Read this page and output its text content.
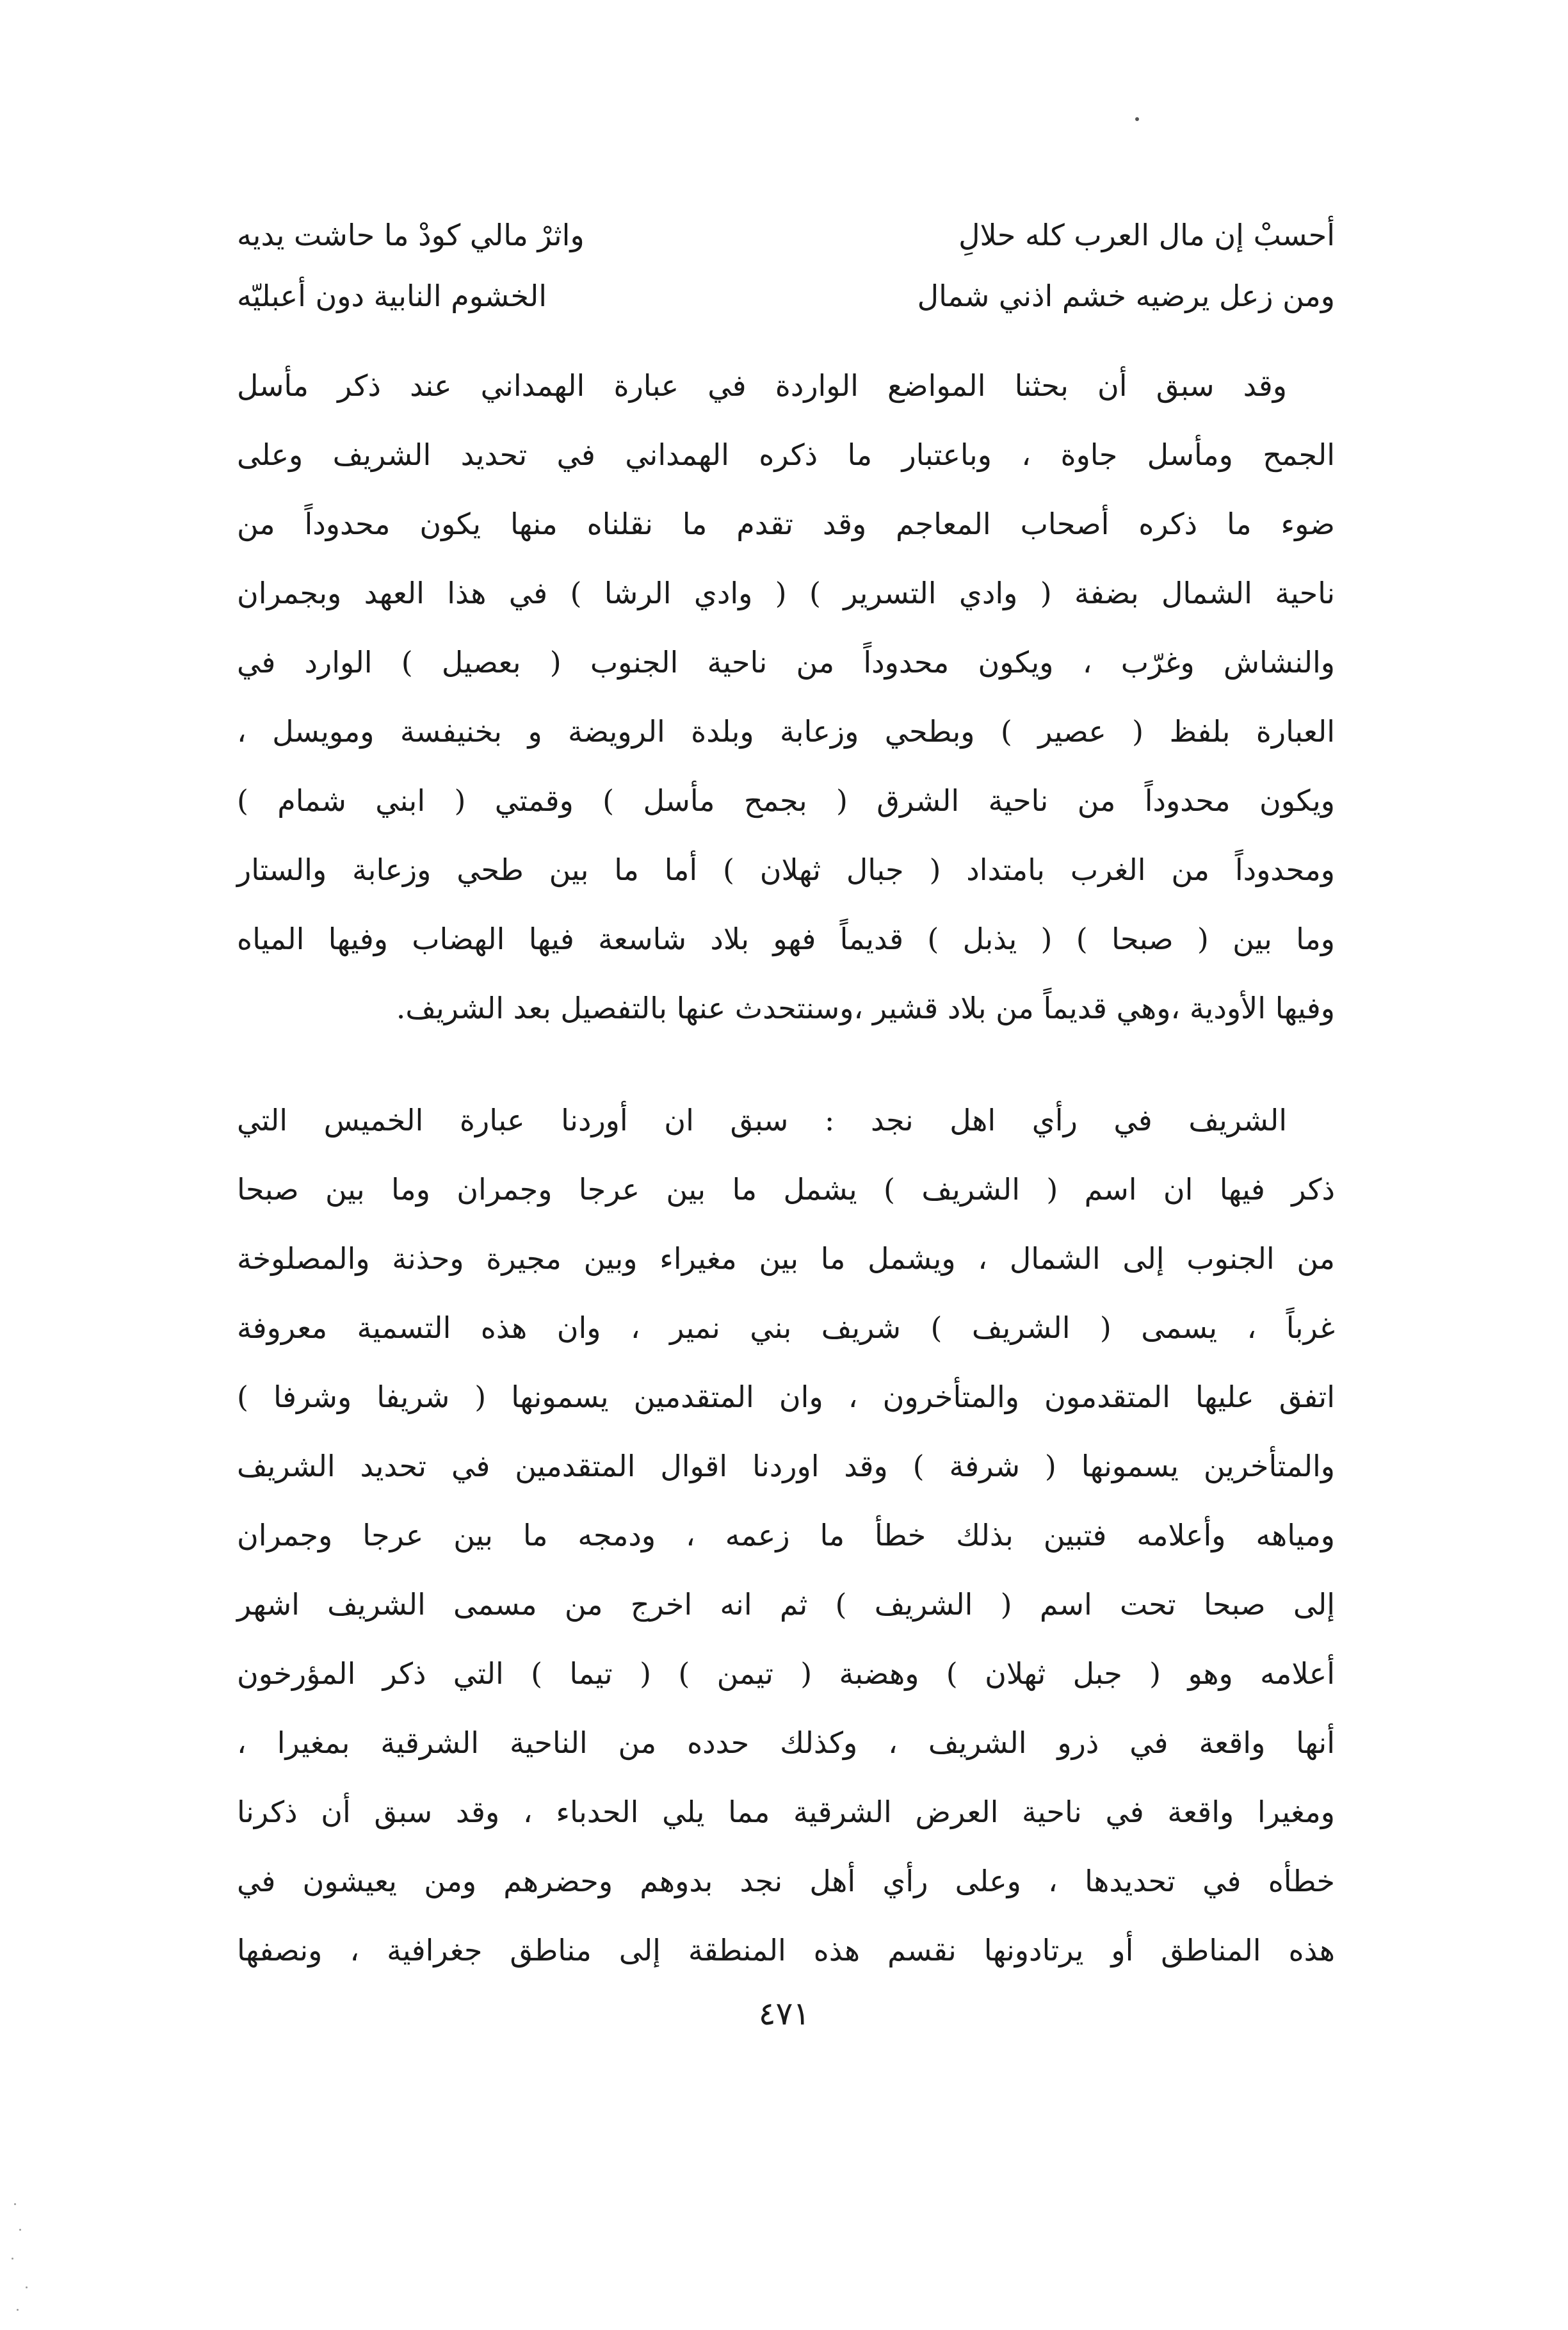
أحسبْ إن مال العرب كله حلالِ
واثرْ مالي كودْ ما حاشت يديه
ومن زعل يرضيه خشم اذني شمال
الخشوم النابية دون أعبليّه
وقد سبق أن بحثنا المواضع الواردة في عبارة الهمداني عند ذكر مأسل
الجمح ومأسل جاوة ، وباعتبار ما ذكره الهمداني في تحديد الشريف وعلى
ضوء ما ذكره أصحاب المعاجم وقد تقدم ما نقلناه منها يكون محدوداً من
ناحية الشمال بضفة ( وادي التسرير ) ( وادي الرشا ) في هذا العهد وبجمران
والنشاش وغرّب ، ويكون محدوداً من ناحية الجنوب ( بعصيل ) الوارد في
العبارة بلفظ ( عصير ) وبطحي وزعابة وبلدة الرويضة و بخنيفسة ومويسل ،
ويكون محدوداً من ناحية الشرق ( بجمح مأسل ) وقمتي ( ابني شمام )
ومحدوداً من الغرب بامتداد ( جبال ثهلان ) أما ما بين طحي وزعابة والستار
وما بين ( صبحا ) ( يذبل ) قديماً فهو بلاد شاسعة فيها الهضاب وفيها المياه
وفيها الأودية ،وهي قديماً من بلاد قشير ،وسنتحدث عنها بالتفصيل بعد الشريف.
الشريف في رأي اهل نجد : سبق ان أوردنا عبارة الخميس التي
ذكر فيها ان اسم ( الشريف ) يشمل ما بين عرجا وجمران وما بين صبحا
من الجنوب إلى الشمال ، ويشمل ما بين مغيراء وبين مجيرة وحذنة والمصلوخة
غرباً ، يسمى ( الشريف ) شريف بني نمير ، وان هذه التسمية معروفة
اتفق عليها المتقدمون والمتأخرون ، وان المتقدمين يسمونها ( شريفا وشرفا )
والمتأخرين يسمونها ( شرفة ) وقد اوردنا اقوال المتقدمين في تحديد الشريف
ومياهه وأعلامه فتبين بذلك خطأ ما زعمه ، ودمجه ما بين عرجا وجمران
إلى صبحا تحت اسم ( الشريف ) ثم انه اخرج من مسمى الشريف اشهر
أعلامه وهو ( جبل ثهلان ) وهضبة ( تيمن ) ( تيما ) التي ذكر المؤرخون
أنها واقعة في ذرو الشريف ، وكذلك حدده من الناحية الشرقية بمغيرا ،
ومغيرا واقعة في ناحية العرض الشرقية مما يلي الحدباء ، وقد سبق أن ذكرنا
خطأه في تحديدها ، وعلى رأي أهل نجد بدوهم وحضرهم ومن يعيشون في
هذه المناطق أو يرتادونها نقسم هذه المنطقة إلى مناطق جغرافية ، ونصفها
٤٧١
